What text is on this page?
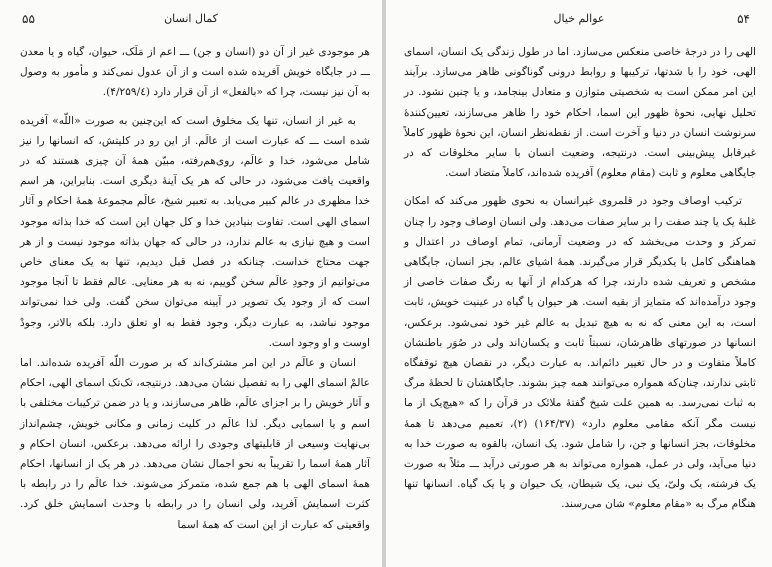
۵۵	کمال انسان

هر موجودی غیر از آن دو (انسان و جن) ـــ اعم از مَلَک، حیوان، گیاه و یا معدن ـــ در جایگاه خویش آفریده شده است و از آن عدول نمی‌کند و مأمور به وصول به آن نیز نیست، چرا که «بالفعل» از آن قرار دارد (۴/۲۵۹/٤).

به غیر از انسان، تنها یک مخلوق است که این‌چنین به صورت «اللّه» آفریده شده است ـــ که عبارت است از عالَم. از این رو در کلیتش، که انسانها را نیز شامل می‌شود، خدا و عالَم، روی‌هم‌رفته، مبیّن همهٔ آن چیزی هستند که در واقعیت یافت می‌شود، در حالی که هر یک آینهٔ دیگری است. بنابراین، هر اسم خدا مظهری در عالم کبیر می‌یابد. به تعبیر شیخ، عالَم مجموعهٔ همهٔ احکام و آثار اسمای الهی است. تفاوت بنیادین خدا و کل جهان این است که خدا بذاته موجود است و هیچ نیازی به عالم ندارد، در حالی که جهان بذاته موجود نیست و از هر جهت محتاج خداست. چنانکه در فصل قبل دیدیم، تنها به یک معنای خاص می‌توانیم از وجودِ عالَم سخن گوییم، نه به هر معنایی. عالم فقط تا آنجا موجود است که از وجود یک تصویر در آیینه می‌توان سخن گفت. ولی خدا نمی‌تواند موجود نباشد، به عبارت دیگر، وجود فقط به او تعلق دارد. بلکه بالاتر، وجودْ اوست و او وجود است.

انسان و عالَم در این امر مشترک‌اند که بر صورت اللّه آفریده شده‌اند. اما عالمْ اسمای الهی را به تفصیل نشان می‌دهد. درنتیجه، تک‌تک اسمای الهی، احکام و آثار خویش را بر اجزای عالَم، ظاهر می‌سازند، و یا در ضمن ترکیبات مختلفی با اسم و یا اسمایی دیگر. لذا عالَم در کلیت زمانی و مکانی خویش، چشم‌انداز بی‌نهایت وسیعی از قابلیتهای وجودی را ارائه می‌دهد. برعکس، انسان احکام و آثار همهٔ اسما را تقریباً به نحو اجمال نشان می‌دهد. در هر یک از انسانها، احکام همهٔ اسمای الهی با هم جمع شده، متمرکز می‌شوند. خدا عالَم را در رابطه با کثرت اسمایش آفرید، ولی انسان را در رابطه با وحدت اسمایش خلق کرد. واقعیتی که عبارت از این است که همهٔ اسما

۵۴
عوالم خیال

الهی را در درجهٔ خاصی منعکس می‌سازد. اما در طول زندگی یک انسان، اسمای الهی، خود را با شدتها، ترکیبها و روابط درونی گوناگونی ظاهر می‌سازد. برآیند این امر ممکن است به شخصیتی متوازن و متعادل بینجامد، و یا چنین نشود. در تحلیل نهایی، نحوهٔ ظهور این اسما، احکام خود را ظاهر می‌سازند، تعیین‌کنندهٔ سرنوشت انسان در دنیا و آخرت است. از نقطه‌نظر انسان، این نحوهٔ ظهور کاملاً غیرقابل پیش‌بینی است. درنتیجه، وضعیت انسان با سایر مخلوقات که در جایگاهی معلوم و ثابت (مقام معلوم) آفریده شده‌اند، کاملاً متضاد است.

ترکیب اوصاف وجود در قلمروی غیرانسان به نحوی ظهور می‌کند که امکان غلبهٔ یک یا چند صفت را بر سایر صفات می‌دهد. ولی انسان اوصاف وجود را چنان تمرکز و وحدت می‌بخشد که در وضعیت آرمانی، تمام اوصاف در اعتدال و هماهنگی کامل با یکدیگر قرار می‌گیرند. همهٔ اشیای عالم، بجز انسان، جایگاهی مشخص و تعریف شده دارند، چرا که هرکدام از آنها به رنگ صفات خاصی از وجود درآمده‌اند که متمایز از بقیه است. هر حیوان یا گیاه در عینیت خویش، ثابت است، به این معنی که نه به هیچ تبدیل به عالم غیر خود نمی‌شود. برعکس، انسانها در صورتهای ظاهرشان، نسبتاً ثابت و یکسان‌اند ولی در صُوَر باطنشان کاملاً متفاوت و در حال تغییر دائم‌اند. به عبارت دیگر، در نقصان هیچ توقفگاه ثابتی ندارند، چنان‌که همواره می‌توانند همه چیز بشوند. جایگاهشان تا لحظهٔ مرگ به ثبات نمی‌رسد. به همین علت شیخ گفتهٔ ملائک در قرآن را که «هیچ‌یک از ما نیست مگر آنکه مقامی معلوم دارد» (۱۶۴/۳۷) (۲)، تعمیم می‌دهد تا همهٔ مخلوقات، بجز انسانها و جن، را شامل شود. یک انسان، بالقوه به صورت خدا به دنیا می‌آید، ولی در عمل، همواره می‌تواند به هر صورتی درآید ـــ مثلاً به صورت یک فرشته، یک ولیّ، یک نبی، یک شیطان، یک حیوان و یا یک گیاه. انسانها تنها هنگام مرگ به «مقام معلوم» شان می‌رسند.
